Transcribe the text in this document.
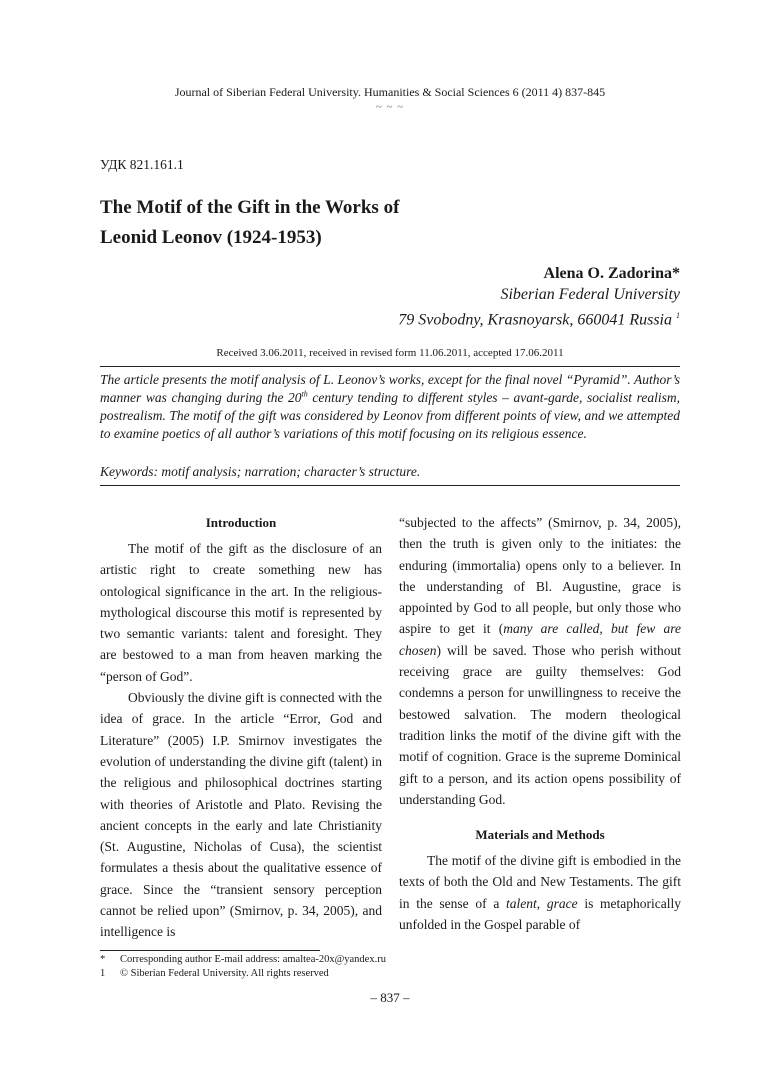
Journal of Siberian Federal University. Humanities & Social Sciences 6 (2011 4) 837-845
~ ~ ~
УДК 821.161.1
The Motif of the Gift in the Works of Leonid Leonov (1924-1953)
Alena O. Zadorina*
Siberian Federal University
79 Svobodny, Krasnoyarsk, 660041 Russia $^1$
Received 3.06.2011, received in revised form 11.06.2011, accepted 17.06.2011

The article presents the motif analysis of L. Leonov’s works, except for the final novel “Pyramid”. Author’s manner was changing during the 20th century tending to different styles – avant-garde, socialist realism, postrealism. The motif of the gift was considered by Leonov from different points of view, and we attempted to examine poetics of all author’s variations of this motif focusing on its religious essence.

Keywords: motif analysis; narration; character’s structure.
Introduction

The motif of the gift as the disclosure of an artistic right to create something new has ontological significance in the art. In the religious-mythological discourse this motif is represented by two semantic variants: talent and foresight. They are bestowed to a man from heaven marking the “person of God”.

Obviously the divine gift is connected with the idea of grace. In the article “Error, God and Literature” (2005) I.P. Smirnov investigates the evolution of understanding the divine gift (talent) in the religious and philosophical doctrines starting with theories of Aristotle and Plato. Revising the ancient concepts in the early and late Christianity (St. Augustine, Nicholas of Cusa), the scientist formulates a thesis about the qualitative essence of grace. Since the “transient sensory perception cannot be relied upon” (Smirnov, p. 34, 2005), and intelligence is

“subjected to the affects” (Smirnov, p. 34, 2005), then the truth is given only to the initiates: the enduring (immortalia) opens only to a believer. In the understanding of Bl. Augustine, grace is appointed by God to all people, but only those who aspire to get it (many are called, but few are chosen) will be saved. Those who perish without receiving grace are guilty themselves: God condemns a person for unwillingness to receive the bestowed salvation. The modern theological tradition links the motif of the divine gift with the motif of cognition. Grace is the supreme Dominical gift to a person, and its action opens possibility of understanding God.

Materials and Methods

The motif of the divine gift is embodied in the texts of both the Old and New Testaments. The gift in the sense of a talent, grace is metaphorically unfolded in the Gospel parable of

*	Corresponding author E-mail address: amaltea-20x@yandex.ru
1	© Siberian Federal University. All rights reserved
– 837 –
